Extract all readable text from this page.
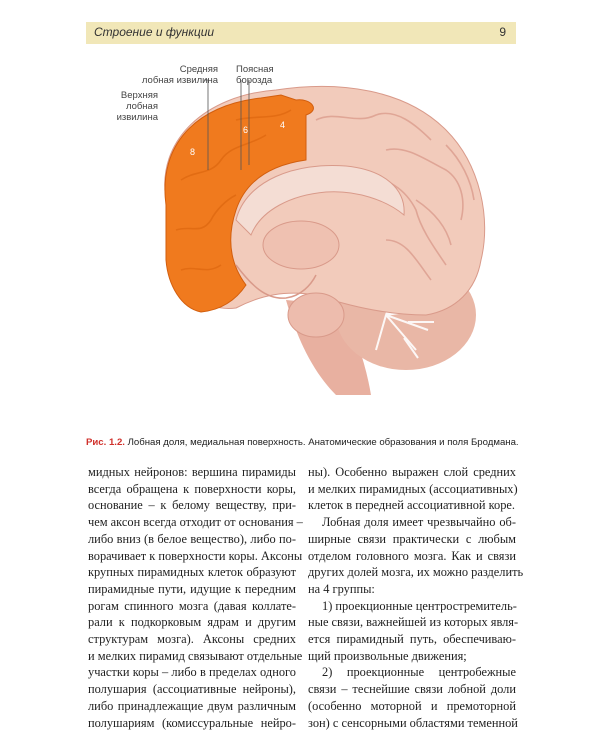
Строение и функции	9
8
6	4
9
10
11
Средняя
лобная извилина
Поясная
борозда
Верхняя
лобная
извилина
Рис. 1.2. Лобная доля, медиальная поверхность. Анатомические образования и поля Бродмана.

мидных нейронов: вершина пирамиды

всегда обращена к поверхности коры,

основание – к белому веществу, при-

чем аксон всегда отходит от основания –

либо вниз (в белое вещество), либо по-

ворачивает к поверхности коры. Аксоны

крупных пирамидных клеток образуют

пирамидные пути, идущие к передним

рогам спинного мозга (давая коллате-

рали к подкорковым ядрам и другим

структурам мозга). Аксоны средних

и мелких пирамид связывают отдельные

участки коры – либо в пределах одного

полушария (ассоциативные нейроны),

либо принадлежащие двум различным

полушариям (комиссуральные нейро-

ны). Особенно выражен слой средних

и мелких пирамидных (ассоциативных)

клеток в передней ассоциативной коре.

Лобная доля имеет чрезвычайно об-

ширные связи практически с любым

отделом головного мозга. Как и связи

других долей мозга, их можно разделить

на 4 группы:

1) проекционные центростремитель-

ные связи, важнейшей из которых явля-

ется пирамидный путь, обеспечиваю-

щий произвольные движения;

2) проекционные центробежные

связи – теснейшие связи лобной доли

(особенно моторной и премоторной

зон) с сенсорными областями теменной
